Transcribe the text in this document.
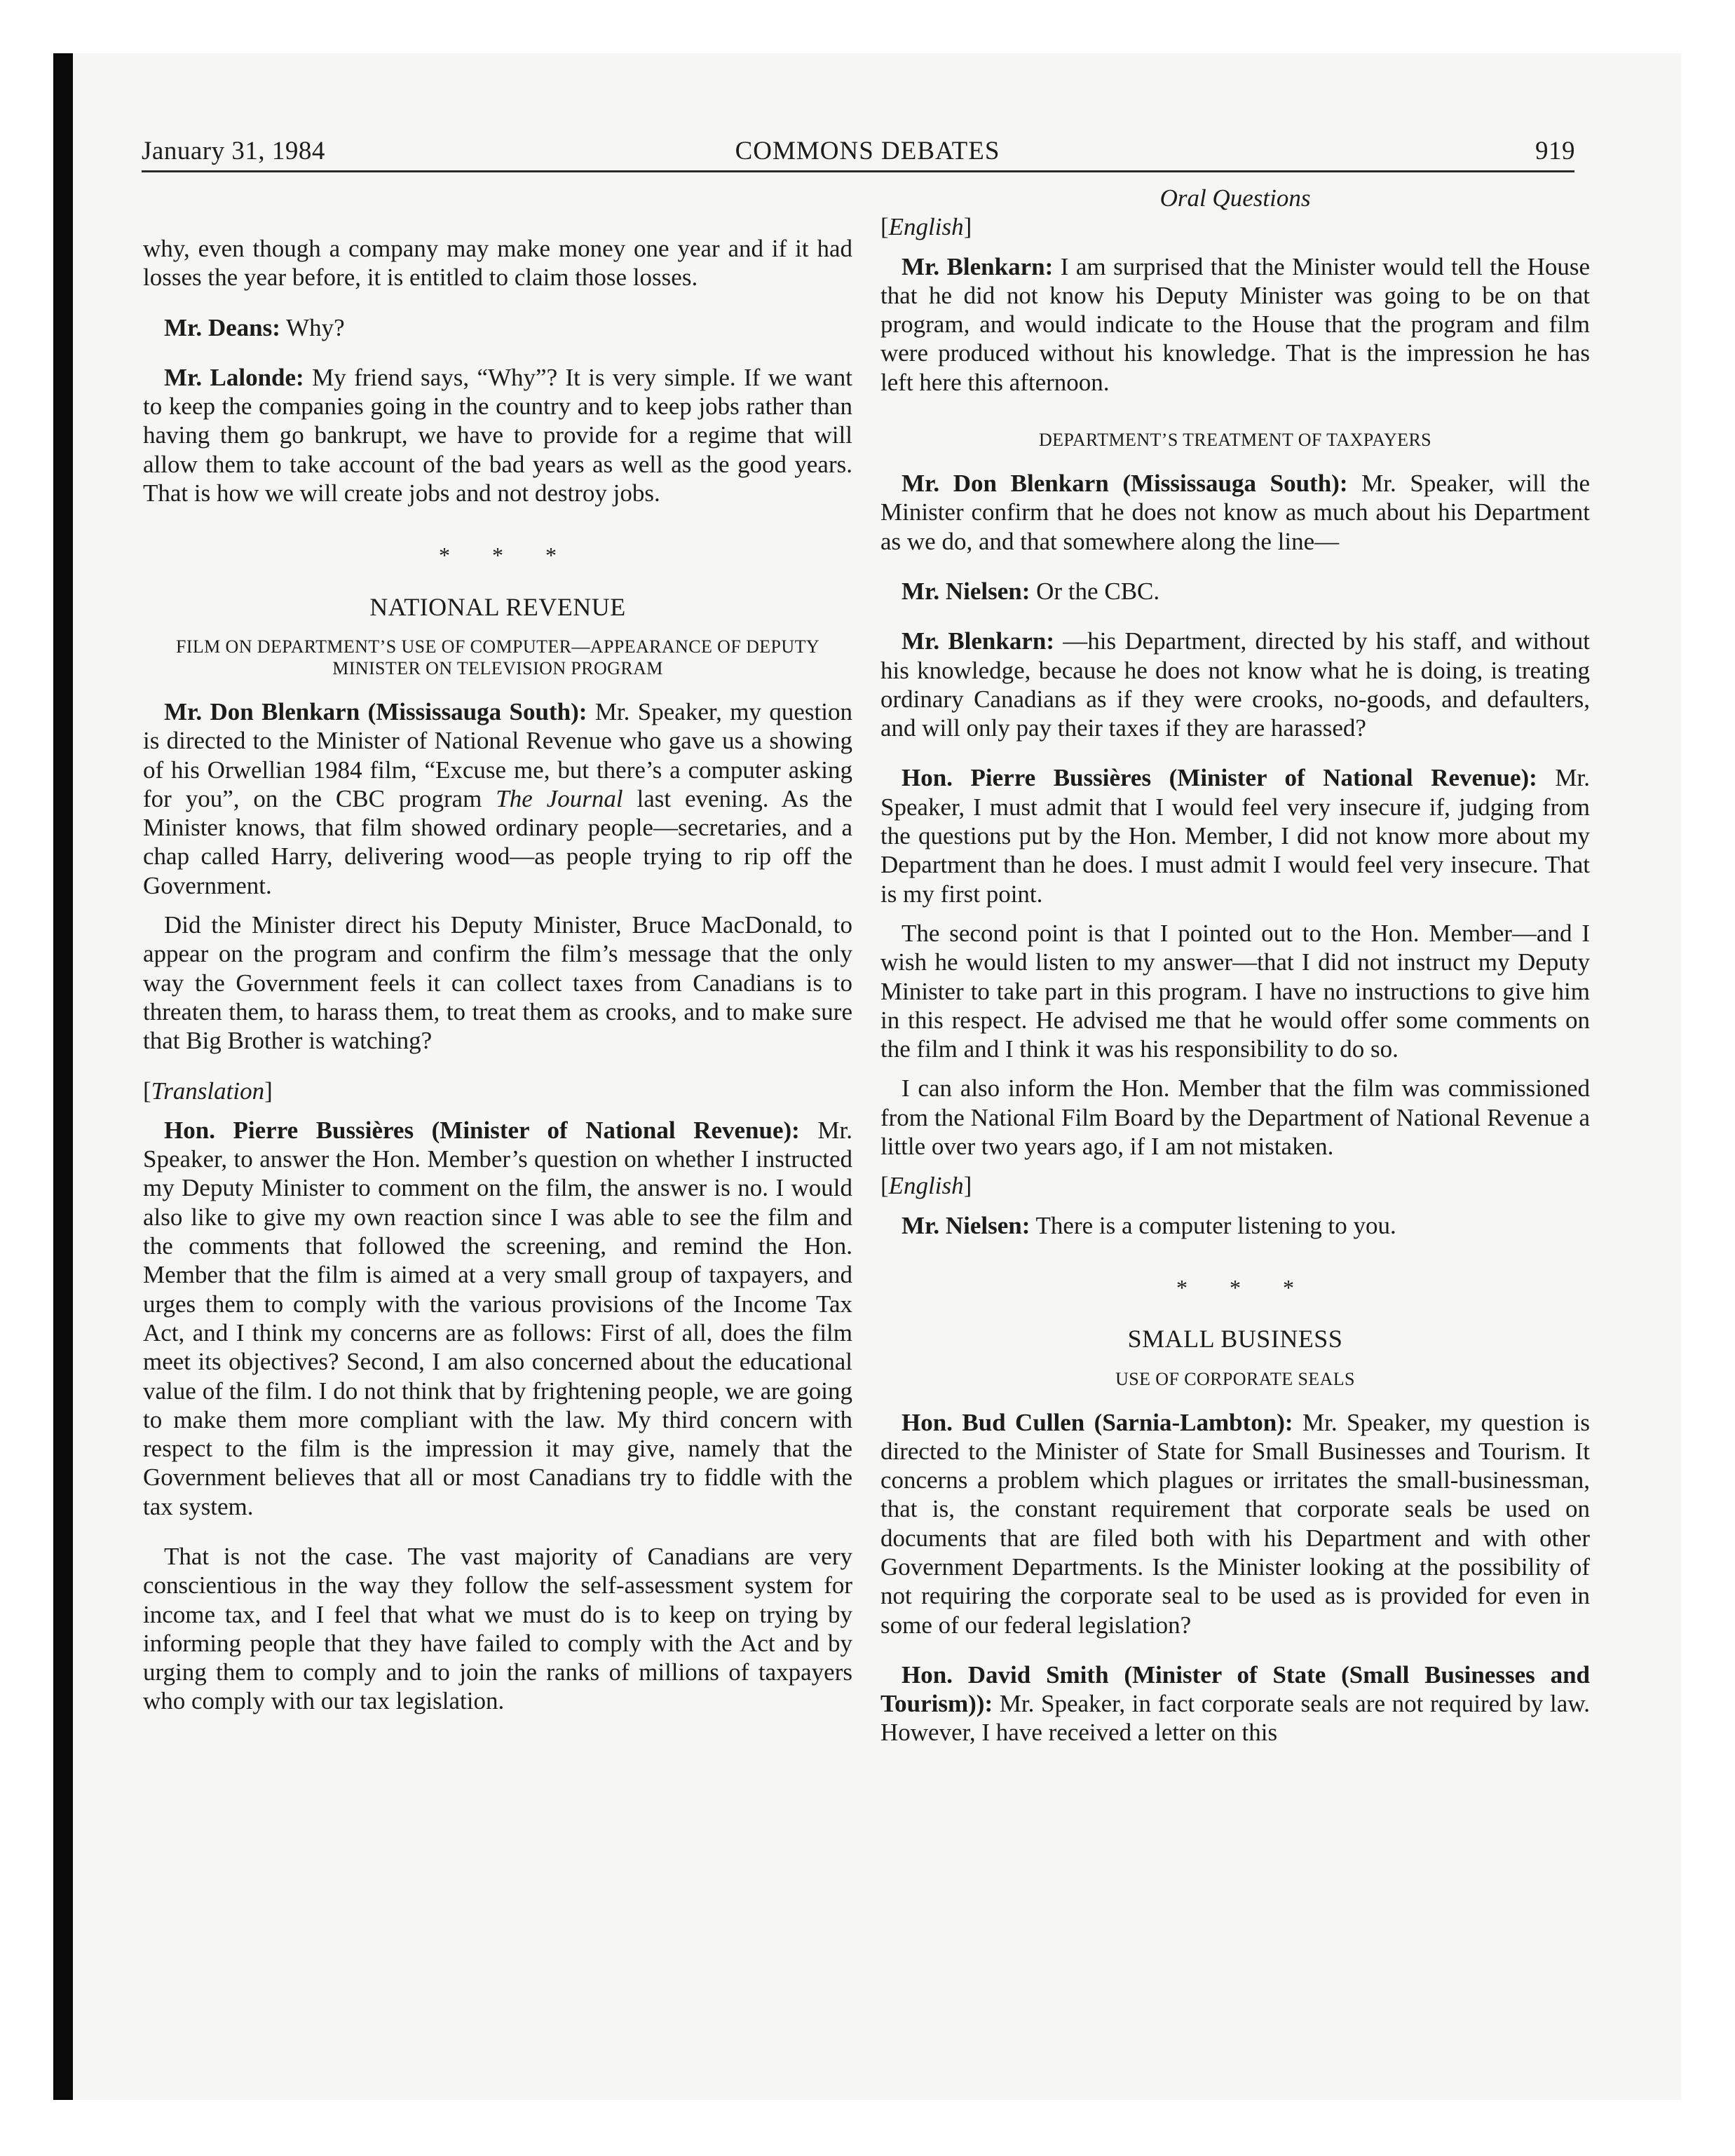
January 31, 1984	COMMONS DEBATES	919

why, even though a company may make money one year and if it had losses the year before, it is entitled to claim those losses.

Mr. Deans: Why?

Mr. Lalonde: My friend says, “Why”? It is very simple. If we want to keep the companies going in the country and to keep jobs rather than having them go bankrupt, we have to provide for a regime that will allow them to take account of the bad years as well as the good years. That is how we will create jobs and not destroy jobs.

* * *
NATIONAL REVENUE
FILM ON DEPARTMENT’S USE OF COMPUTER—APPEARANCE OF DEPUTY MINISTER ON TELEVISION PROGRAM

Mr. Don Blenkarn (Mississauga South): Mr. Speaker, my question is directed to the Minister of National Revenue who gave us a showing of his Orwellian 1984 film, “Excuse me, but there’s a computer asking for you”, on the CBC program The Journal last evening. As the Minister knows, that film showed ordinary people—secretaries, and a chap called Harry, delivering wood—as people trying to rip off the Government.

Did the Minister direct his Deputy Minister, Bruce MacDonald, to appear on the program and confirm the film’s message that the only way the Government feels it can collect taxes from Canadians is to threaten them, to harass them, to treat them as crooks, and to make sure that Big Brother is watching?

[Translation]

Hon. Pierre Bussières (Minister of National Revenue): Mr. Speaker, to answer the Hon. Member’s question on whether I instructed my Deputy Minister to comment on the film, the answer is no. I would also like to give my own reaction since I was able to see the film and the comments that followed the screening, and remind the Hon. Member that the film is aimed at a very small group of taxpayers, and urges them to comply with the various provisions of the Income Tax Act, and I think my concerns are as follows: First of all, does the film meet its objectives? Second, I am also concerned about the educational value of the film. I do not think that by frightening people, we are going to make them more compliant with the law. My third concern with respect to the film is the impression it may give, namely that the Government believes that all or most Canadians try to fiddle with the tax system.

That is not the case. The vast majority of Canadians are very conscientious in the way they follow the self-assessment system for income tax, and I feel that what we must do is to keep on trying by informing people that they have failed to comply with the Act and by urging them to comply and to join the ranks of millions of taxpayers who comply with our tax legislation.

Oral Questions

[English]

Mr. Blenkarn: I am surprised that the Minister would tell the House that he did not know his Deputy Minister was going to be on that program, and would indicate to the House that the program and film were produced without his knowledge. That is the impression he has left here this afternoon.

DEPARTMENT’S TREATMENT OF TAXPAYERS

Mr. Don Blenkarn (Mississauga South): Mr. Speaker, will the Minister confirm that he does not know as much about his Department as we do, and that somewhere along the line—

Mr. Nielsen: Or the CBC.

Mr. Blenkarn: —his Department, directed by his staff, and without his knowledge, because he does not know what he is doing, is treating ordinary Canadians as if they were crooks, no-goods, and defaulters, and will only pay their taxes if they are harassed?

Hon. Pierre Bussières (Minister of National Revenue): Mr. Speaker, I must admit that I would feel very insecure if, judging from the questions put by the Hon. Member, I did not know more about my Department than he does. I must admit I would feel very insecure. That is my first point.

The second point is that I pointed out to the Hon. Member—and I wish he would listen to my answer—that I did not instruct my Deputy Minister to take part in this program. I have no instructions to give him in this respect. He advised me that he would offer some comments on the film and I think it was his responsibility to do so.

I can also inform the Hon. Member that the film was commissioned from the National Film Board by the Department of National Revenue a little over two years ago, if I am not mistaken.

[English]

Mr. Nielsen: There is a computer listening to you.

* * *
SMALL BUSINESS
USE OF CORPORATE SEALS

Hon. Bud Cullen (Sarnia-Lambton): Mr. Speaker, my question is directed to the Minister of State for Small Businesses and Tourism. It concerns a problem which plagues or irritates the small-businessman, that is, the constant requirement that corporate seals be used on documents that are filed both with his Department and with other Government Departments. Is the Minister looking at the possibility of not requiring the corporate seal to be used as is provided for even in some of our federal legislation?

Hon. David Smith (Minister of State (Small Businesses and Tourism)): Mr. Speaker, in fact corporate seals are not required by law. However, I have received a letter on this
